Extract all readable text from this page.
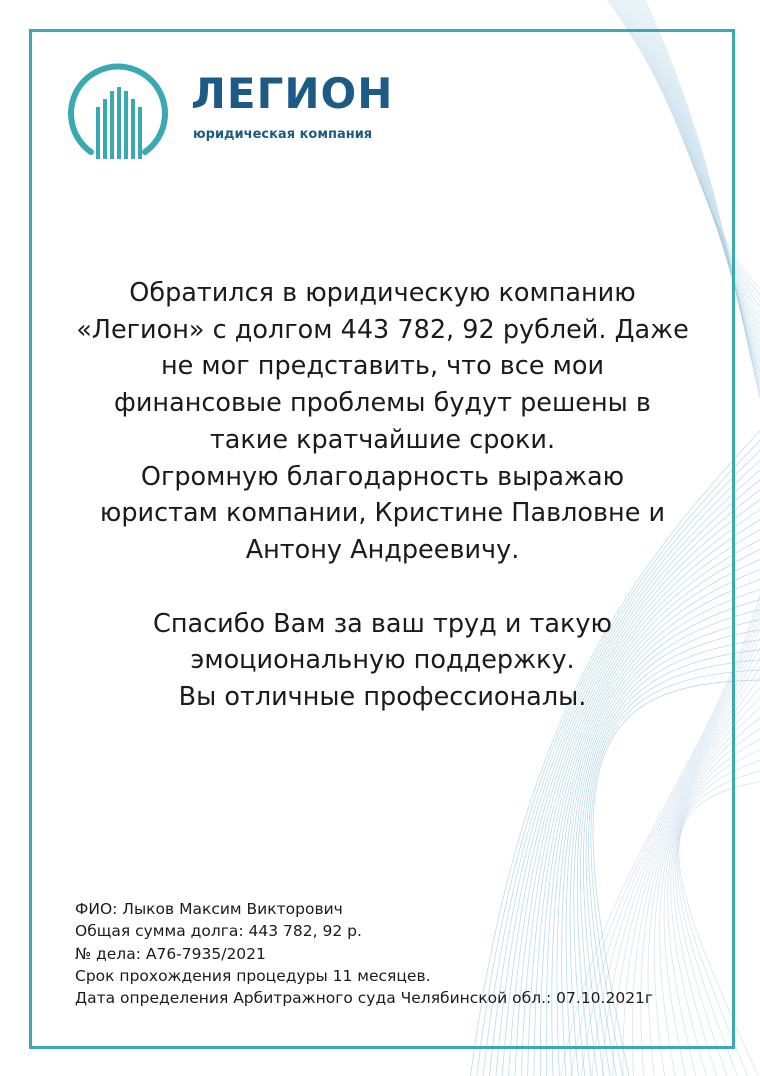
ЛЕГИОН
юридическая компания
Обратился в юридическую компанию
«Легион» с долгом 443 782, 92 рублей. Даже
не мог представить, что все мои
финансовые проблемы будут решены в
такие кратчайшие сроки.
Огромную благодарность выражаю
юристам компании, Кристине Павловне и
Антону Андреевичу.
Спасибо Вам за ваш труд и такую
эмоциональную поддержку.
Вы отличные профессионалы.
ФИО: Лыков Максим Викторович
Общая сумма долга: 443 782, 92 р.
№ дела: А76-7935/2021
Срок прохождения процедуры 11 месяцев.
Дата определения Арбитражного суда Челябинской обл.: 07.10.2021г
